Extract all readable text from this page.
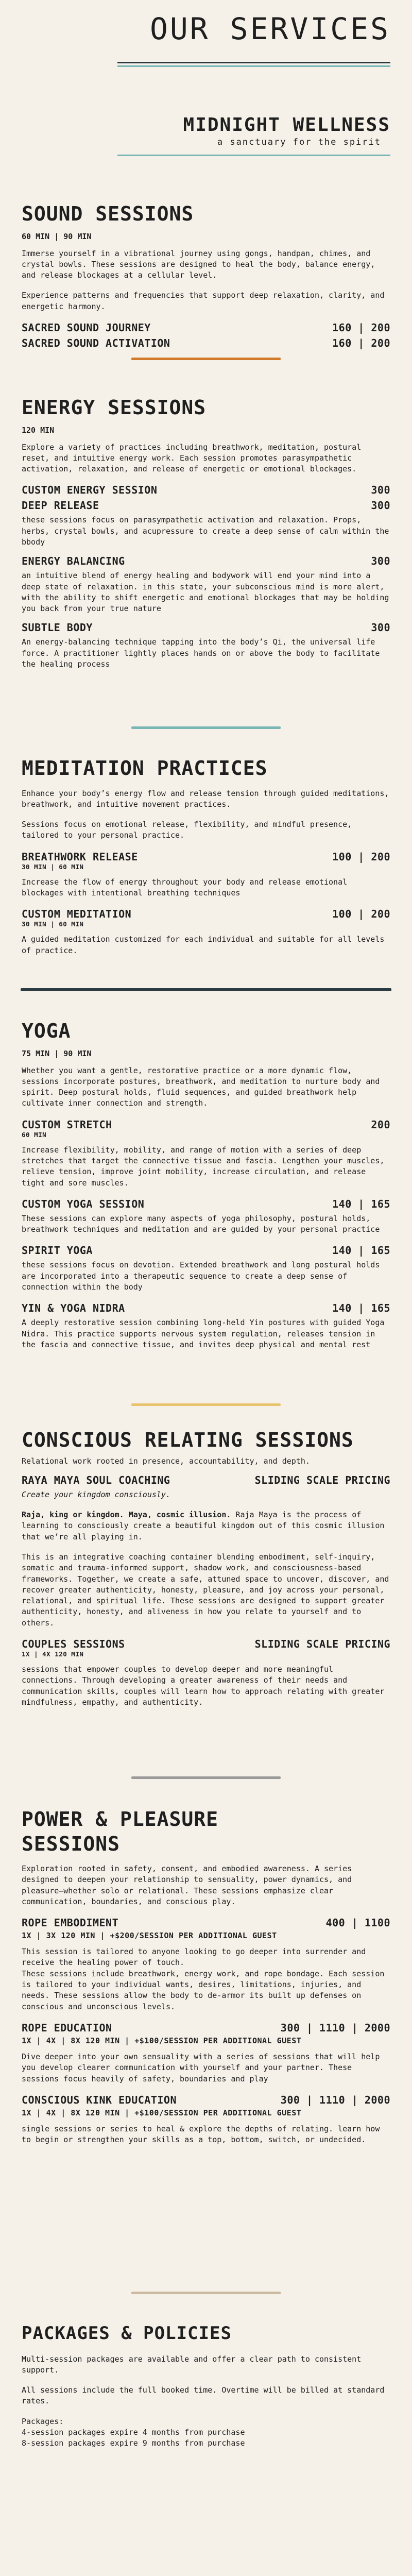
OUR SERVICES
MIDNIGHT WELLNESS
a sanctuary for the spirit
SOUND SESSIONS
60 MIN | 90 MIN

Immerse yourself in a vibrational journey using gongs, handpan, chimes, and crystal bowls. These sessions are designed to heal the body, balance energy, and release blockages at a cellular level.

Experience patterns and frequencies that support deep relaxation, clarity, and energetic harmony.

SACRED SOUND JOURNEY	160 | 200
SACRED SOUND ACTIVATION	160 | 200
ENERGY SESSIONS
120 MIN

Explore a variety of practices including breathwork, meditation, postural reset, and intuitive energy work. Each session promotes parasympathetic activation, relaxation, and release of energetic or emotional blockages.

CUSTOM ENERGY SESSION	300
DEEP RELEASE	300

these sessions focus on parasympathetic activation and relaxation. Props, herbs, crystal bowls, and acupressure to create a deep sense of calm within the bbody

ENERGY BALANCING	300

an intuitive blend of energy healing and bodywork will end your mind into a deep state of relaxation. in this state, your subconscious mind is more alert, with the ability to shift energetic and emotional blockages that may be holding you back from your true nature

SUBTLE BODY	300

An energy-balancing technique tapping into the body’s Qi, the universal life force. A practitioner lightly places hands on or above the body to facilitate the healing process

MEDITATION PRACTICES

Enhance your body’s energy flow and release tension through guided meditations, breathwork, and intuitive movement practices.

Sessions focus on emotional release, flexibility, and mindful presence, tailored to your personal practice.

BREATHWORK RELEASE	100 | 200
30 MIN | 60 MIN

Increase the flow of energy throughout your body and release emotional blockages with intentional breathing techniques

CUSTOM MEDITATION	100 | 200
30 MIN | 60 MIN

A guided meditation customized for each individual and suitable for all levels of practice.

YOGA
75 MIN | 90 MIN

Whether you want a gentle, restorative practice or a more dynamic flow, sessions incorporate postures, breathwork, and meditation to nurture body and spirit. Deep postural holds, fluid sequences, and guided breathwork help cultivate inner connection and strength.

CUSTOM STRETCH	200
60 MIN

Increase flexibility, mobility, and range of motion with a series of deep stretches that target the connective tissue and fascia. Lengthen your muscles, relieve tension, improve joint mobility, increase circulation, and release tight and sore muscles.

CUSTOM YOGA SESSION	140 | 165

These sessions can explore many aspects of yoga philosophy, postural holds, breathwork techniques and meditation and are guided by your personal practice

SPIRIT YOGA	140 | 165

these sessions focus on devotion. Extended breathwork and long postural holds are incorporated into a therapeutic sequence to create a deep sense of connection within the body

YIN & YOGA NIDRA	140 | 165

A deeply restorative session combining long-held Yin postures with guided Yoga Nidra. This practice supports nervous system regulation, releases tension in the fascia and connective tissue, and invites deep physical and mental rest

CONSCIOUS RELATING SESSIONS

Relational work rooted in presence, accountability, and depth.

RAYA MAYA SOUL COACHING	SLIDING SCALE PRICING

Create your kingdom consciously.

Raja, king or kingdom. Maya, cosmic illusion. Raja Maya is the process of learning to consciously create a beautiful kingdom out of this cosmic illusion that we’re all playing in.

This is an integrative coaching container blending embodiment, self-inquiry, somatic and trauma-informed support, shadow work, and consciousness-based frameworks. Together, we create a safe, attuned space to uncover, discover, and recover greater authenticity, honesty, pleasure, and joy across your personal, relational, and spiritual life. These sessions are designed to support greater authenticity, honesty, and aliveness in how you relate to yourself and to others.

COUPLES SESSIONS	SLIDING SCALE PRICING
1X | 4X 120 MIN

sessions that empower couples to develop deeper and more meaningful connections. Through developing a greater awareness of their needs and communication skills, couples will learn how to approach relating with greater mindfulness, empathy, and authenticity.

POWER & PLEASURE SESSIONS

Exploration rooted in safety, consent, and embodied awareness. A series designed to deepen your relationship to sensuality, power dynamics, and pleasure—whether solo or relational. These sessions emphasize clear communication, boundaries, and conscious play.

ROPE EMBODIMENT	400 | 1100
1X | 3X 120 MIN | +$200/SESSION PER ADDITIONAL GUEST

This session is tailored to anyone looking to go deeper into surrender and receive the healing power of touch.
These sessions include breathwork, energy work, and rope bondage. Each session is tailored to your individual wants, desires, limitations, injuries, and needs. These sessions allow the body to de-armor its built up defenses on conscious and unconscious levels.

ROPE EDUCATION	300 | 1110 | 2000
1X | 4X | 8X 120 MIN | +$100/SESSION PER ADDITIONAL GUEST

Dive deeper into your own sensuality with a series of sessions that will help you develop clearer communication with yourself and your partner. These sessions focus heavily of safety, boundaries and play

CONSCIOUS KINK EDUCATION	300 | 1110 | 2000
1X | 4X | 8X 120 MIN | +$100/SESSION PER ADDITIONAL GUEST

single sessions or series to heal & explore the depths of relating. learn how to begin or strengthen your skills as a top, bottom, switch, or undecided.

PACKAGES & POLICIES

Multi-session packages are available and offer a clear path to consistent support.

All sessions include the full booked time. Overtime will be billed at standard rates.

Packages:
4-session packages expire 4 months from purchase
8-session packages expire 9 months from purchase
